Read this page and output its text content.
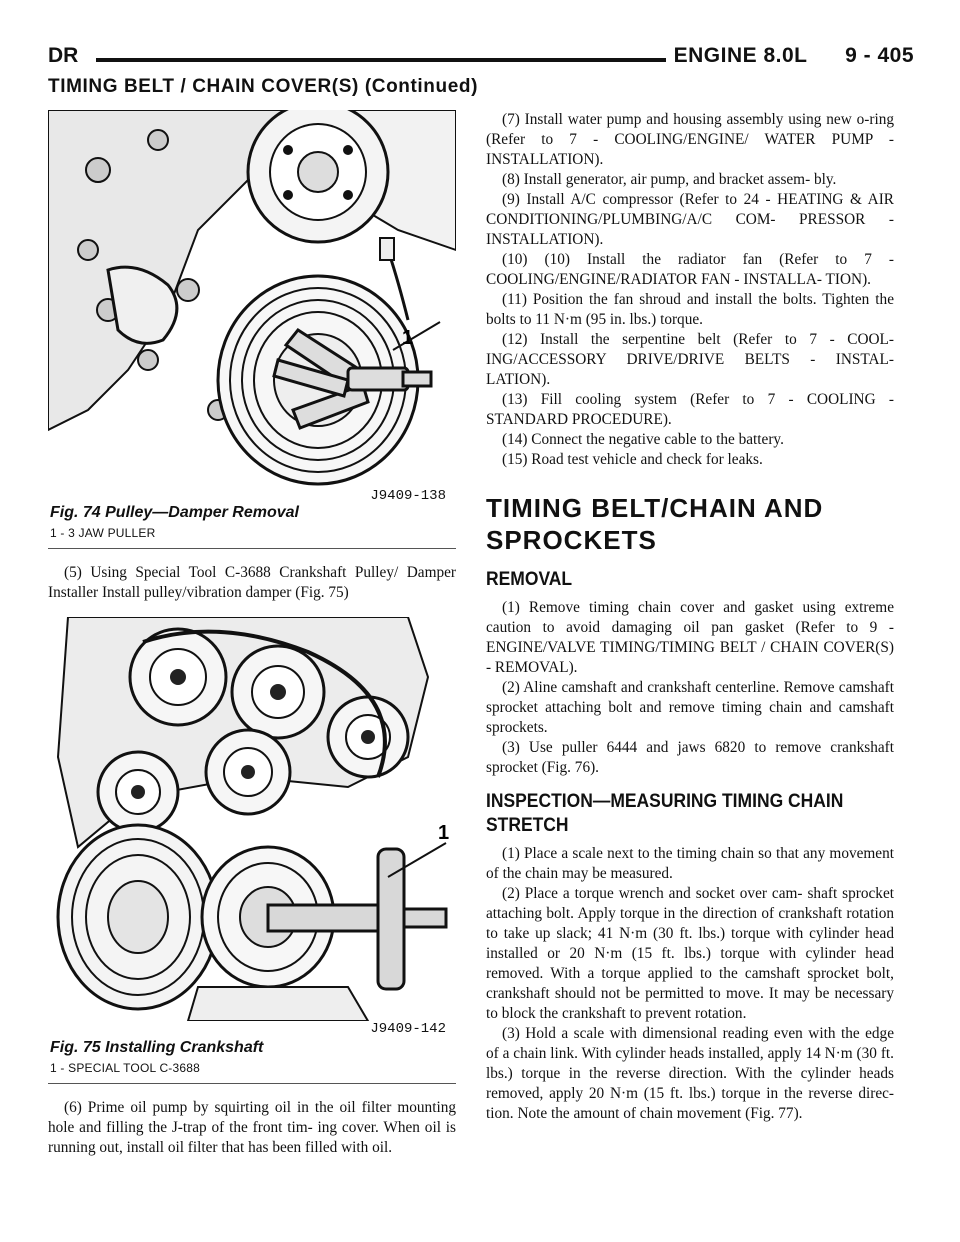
DR	ENGINE 8.0L      9 - 405
TIMING BELT / CHAIN COVER(S) (Continued)
1
J9409-138
Fig. 74 Pulley—Damper Removal
1 - 3 JAW PULLER

(5) Using Special Tool C-3688 Crankshaft Pulley/ Damper Installer Install pulley/vibration damper (Fig. 75)

1
J9409-142
Fig. 75 Installing Crankshaft
1 - SPECIAL TOOL C-3688

(6) Prime oil pump by squirting oil in the oil filter mounting hole and filling the J-trap of the front tim- ing cover. When oil is running out, install oil filter that has been filled with oil.

(7) Install water pump and housing assembly using new o-ring (Refer to 7 - COOLING/ENGINE/ WATER PUMP - INSTALLATION).

(8) Install generator, air pump, and bracket assem- bly.

(9) Install A/C compressor (Refer to 24 - HEATING & AIR CONDITIONING/PLUMBING/A/C COM- PRESSOR - INSTALLATION).

(10) (10) Install the radiator fan (Refer to 7 - COOLING/ENGINE/RADIATOR FAN - INSTALLA- TION).

(11) Position the fan shroud and install the bolts. Tighten the bolts to 11 N·m (95 in. lbs.) torque.

(12) Install the serpentine belt (Refer to 7 - COOL- ING/ACCESSORY DRIVE/DRIVE BELTS - INSTAL- LATION).

(13) Fill cooling system (Refer to 7 - COOLING - STANDARD PROCEDURE).

(14) Connect the negative cable to the battery.

(15) Road test vehicle and check for leaks.

TIMING BELT/CHAIN AND SPROCKETS
REMOVAL

(1) Remove timing chain cover and gasket using extreme caution to avoid damaging oil pan gasket (Refer to 9 - ENGINE/VALVE TIMING/TIMING BELT / CHAIN COVER(S) - REMOVAL).

(2) Aline camshaft and crankshaft centerline. Remove camshaft sprocket attaching bolt and remove timing chain and camshaft sprockets.

(3) Use puller 6444 and jaws 6820 to remove crankshaft sprocket (Fig. 76).

INSPECTION—MEASURING TIMING CHAIN STRETCH

(1) Place a scale next to the timing chain so that any movement of the chain may be measured.

(2) Place a torque wrench and socket over cam- shaft sprocket attaching bolt. Apply torque in the direction of crankshaft rotation to take up slack; 41 N·m (30 ft. lbs.) torque with cylinder head installed or 20 N·m (15 ft. lbs.) torque with cylinder head removed. With a torque applied to the camshaft sprocket bolt, crankshaft should not be permitted to move. It may be necessary to block the crankshaft to prevent rotation.

(3) Hold a scale with dimensional reading even with the edge of a chain link. With cylinder heads installed, apply 14 N·m (30 ft. lbs.) torque in the reverse direction. With the cylinder heads removed, apply 20 N·m (15 ft. lbs.) torque in the reverse direc- tion. Note the amount of chain movement (Fig. 77).
